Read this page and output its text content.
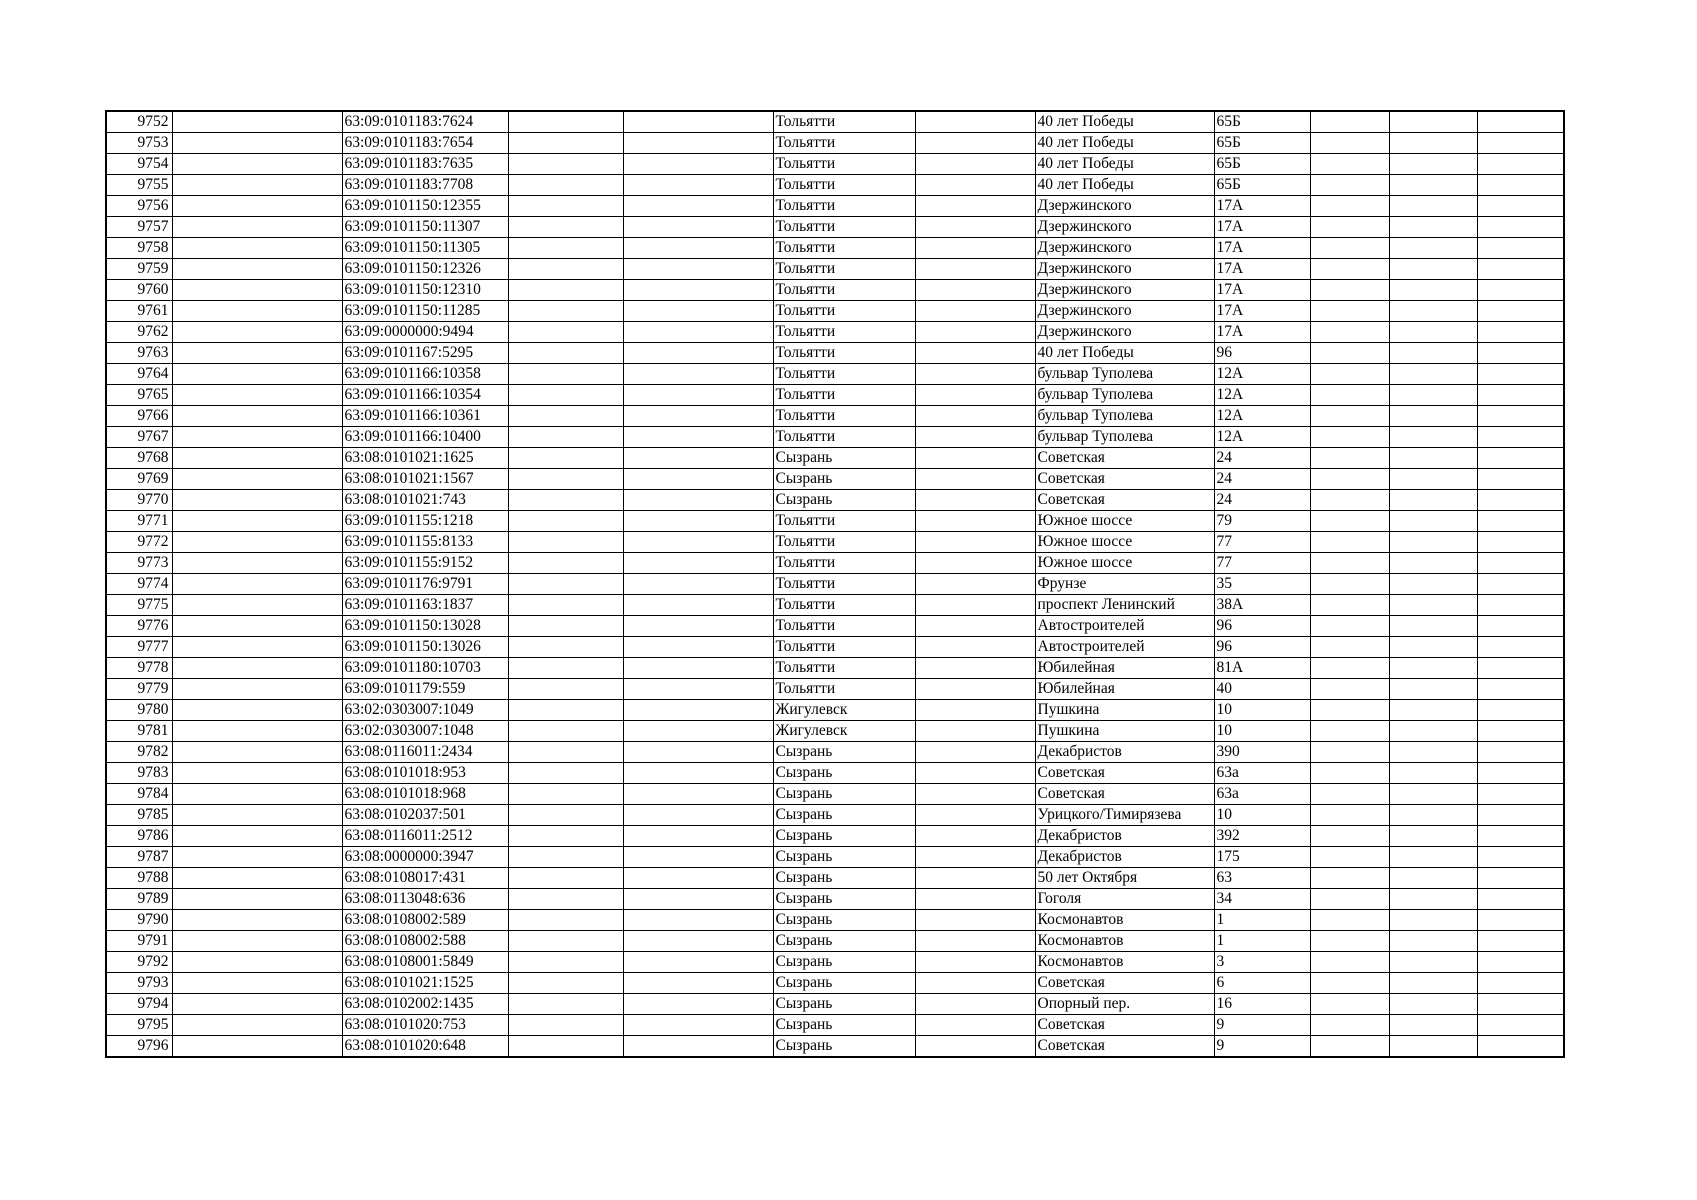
9752		63:09:0101183:7624			Тольятти		40 лет Победы	65Б			
9753		63:09:0101183:7654			Тольятти		40 лет Победы	65Б			
9754		63:09:0101183:7635			Тольятти		40 лет Победы	65Б			
9755		63:09:0101183:7708			Тольятти		40 лет Победы	65Б			
9756		63:09:0101150:12355			Тольятти		Дзержинского	17А			
9757		63:09:0101150:11307			Тольятти		Дзержинского	17А			
9758		63:09:0101150:11305			Тольятти		Дзержинского	17А			
9759		63:09:0101150:12326			Тольятти		Дзержинского	17А			
9760		63:09:0101150:12310			Тольятти		Дзержинского	17А			
9761		63:09:0101150:11285			Тольятти		Дзержинского	17А			
9762		63:09:0000000:9494			Тольятти		Дзержинского	17А			
9763		63:09:0101167:5295			Тольятти		40 лет Победы	96			
9764		63:09:0101166:10358			Тольятти		бульвар Туполева	12А			
9765		63:09:0101166:10354			Тольятти		бульвар Туполева	12А			
9766		63:09:0101166:10361			Тольятти		бульвар Туполева	12А			
9767		63:09:0101166:10400			Тольятти		бульвар Туполева	12А			
9768		63:08:0101021:1625			Сызрань		Советская	24			
9769		63:08:0101021:1567			Сызрань		Советская	24			
9770		63:08:0101021:743			Сызрань		Советская	24			
9771		63:09:0101155:1218			Тольятти		Южное шоссе	79			
9772		63:09:0101155:8133			Тольятти		Южное шоссе	77			
9773		63:09:0101155:9152			Тольятти		Южное шоссе	77			
9774		63:09:0101176:9791			Тольятти		Фрунзе	35			
9775		63:09:0101163:1837			Тольятти		проспект Ленинский	38А			
9776		63:09:0101150:13028			Тольятти		Автостроителей	96			
9777		63:09:0101150:13026			Тольятти		Автостроителей	96			
9778		63:09:0101180:10703			Тольятти		Юбилейная	81А			
9779		63:09:0101179:559			Тольятти		Юбилейная	40			
9780		63:02:0303007:1049			Жигулевск		Пушкина	10			
9781		63:02:0303007:1048			Жигулевск		Пушкина	10			
9782		63:08:0116011:2434			Сызрань		Декабристов	390			
9783		63:08:0101018:953			Сызрань		Советская	63а			
9784		63:08:0101018:968			Сызрань		Советская	63а			
9785		63:08:0102037:501			Сызрань		Урицкого/Тимирязева	10			
9786		63:08:0116011:2512			Сызрань		Декабристов	392			
9787		63:08:0000000:3947			Сызрань		Декабристов	175			
9788		63:08:0108017:431			Сызрань		50 лет Октября	63			
9789		63:08:0113048:636			Сызрань		Гоголя	34			
9790		63:08:0108002:589			Сызрань		Космонавтов	1			
9791		63:08:0108002:588			Сызрань		Космонавтов	1			
9792		63:08:0108001:5849			Сызрань		Космонавтов	3			
9793		63:08:0101021:1525			Сызрань		Советская	6			
9794		63:08:0102002:1435			Сызрань		Опорный пер.	16			
9795		63:08:0101020:753			Сызрань		Советская	9			
9796		63:08:0101020:648			Сызрань		Советская	9			
